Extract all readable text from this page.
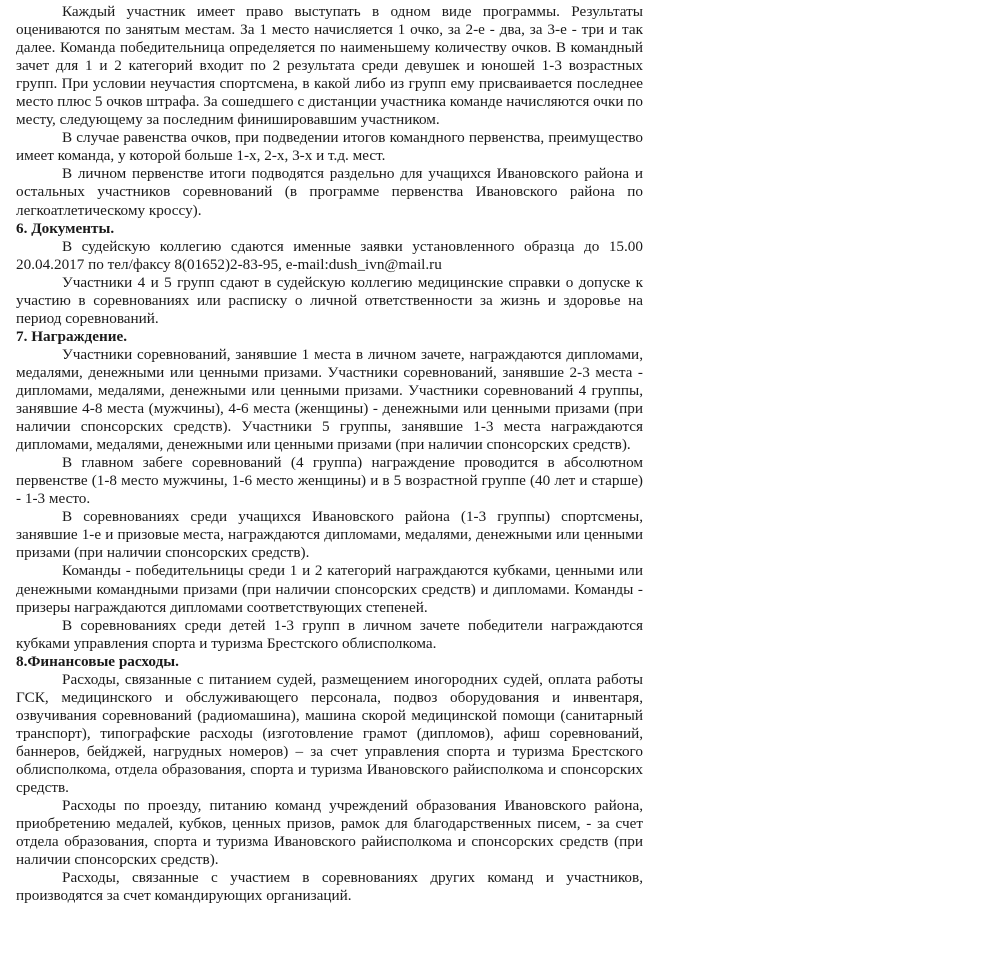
Каждый участник имеет право выступать в одном виде программы. Результаты оцениваются по занятым местам. За 1 место начисляется 1 очко, за 2-е - два, за 3-е - три и так далее. Команда победительница определяется по наименьшему количеству очков. В командный зачет для 1 и 2 категорий входит по 2 результата среди девушек и юношей 1-3 возрастных групп. При условии неучастия спортсмена, в какой либо из групп ему присваивается последнее место плюс 5 очков штрафа. За сошедшего с дистанции участника команде начисляются очки по месту, следующему за последним финишировавшим участником.

В случае равенства очков, при подведении итогов командного первенства, преимущество имеет команда, у которой больше 1-х, 2-х, 3-х и т.д. мест.

В личном первенстве итоги подводятся раздельно для учащихся Ивановского района и остальных участников соревнований (в программе первенства Ивановского района по легкоатлетическому кроссу).

6. Документы.

В судейскую коллегию сдаются именные заявки установленного образца до 15.00 20.04.2017 по тел/факсу 8(01652)2-83-95, e-mail:dush_ivn@mail.ru

Участники 4 и 5 групп сдают в судейскую коллегию медицинские справки о допуске к участию в соревнованиях или расписку о личной ответственности за жизнь и здоровье на период соревнований.

7. Награждение.

Участники соревнований, занявшие 1 места в личном зачете, награждаются дипломами, медалями, денежными или ценными призами. Участники соревнований, занявшие 2-3 места - дипломами, медалями, денежными или ценными призами. Участники соревнований 4 группы, занявшие 4-8 места (мужчины), 4-6 места (женщины) - денежными или ценными призами (при наличии спонсорских средств). Участники 5 группы, занявшие 1-3 места награждаются дипломами, медалями, денежными или ценными призами (при наличии спонсорских средств).

В главном забеге соревнований (4 группа) награждение проводится в абсолютном первенстве (1-8 место мужчины, 1-6 место женщины) и в 5 возрастной группе (40 лет и старше) - 1-3 место.

В соревнованиях среди учащихся Ивановского района (1-3 группы) спортсмены, занявшие 1-е и призовые места, награждаются дипломами, медалями, денежными или ценными призами (при наличии спонсорских средств).

Команды - победительницы среди 1 и 2 категорий награждаются кубками, ценными или денежными командными призами (при наличии спонсорских средств) и дипломами. Команды - призеры награждаются дипломами соответствующих степеней.

В соревнованиях среди детей 1-3 групп в личном зачете победители награждаются кубками управления спорта и туризма Брестского облисполкома.

8.Финансовые расходы.

Расходы, связанные с питанием судей, размещением иногородних судей, оплата работы ГСК, медицинского и обслуживающего персонала, подвоз оборудования и инвентаря, озвучивания соревнований (радиомашина), машина скорой медицинской помощи (санитарный транспорт), типографские расходы (изготовление грамот (дипломов), афиш соревнований, баннеров, бейджей, нагрудных номеров) – за счет управления спорта и туризма Брестского облисполкома, отдела образования, спорта и туризма Ивановского райисполкома и спонсорских средств.

Расходы по проезду, питанию команд учреждений образования Ивановского района, приобретению медалей, кубков, ценных призов, рамок для благодарственных писем, - за счет отдела образования, спорта и туризма Ивановского райисполкома и спонсорских средств (при наличии спонсорских средств).

Расходы, связанные с участием в соревнованиях других команд и участников, производятся за счет командирующих организаций.
